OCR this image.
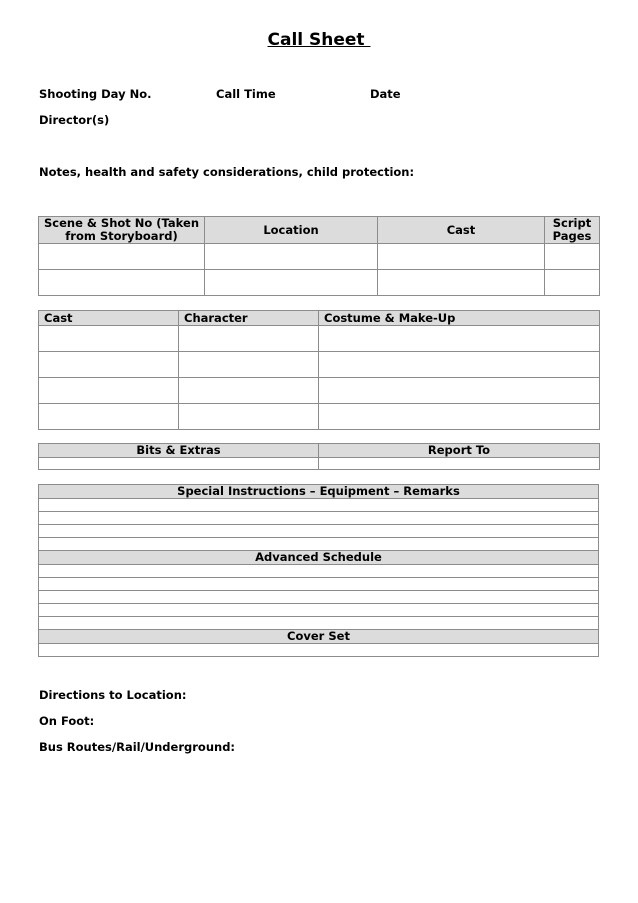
Call Sheet
Shooting Day No.	Call Time	Date
Director(s)
Notes, health and safety considerations, child protection:
Scene & Shot No (Taken from Storyboard)	Location	Cast	Script Pages

Cast	Character	Costume & Make-Up

Bits & Extras	Report To

Special Instructions – Equipment – Remarks

Advanced Schedule

Cover Set

Directions to Location:
On Foot:
Bus Routes/Rail/Underground:
